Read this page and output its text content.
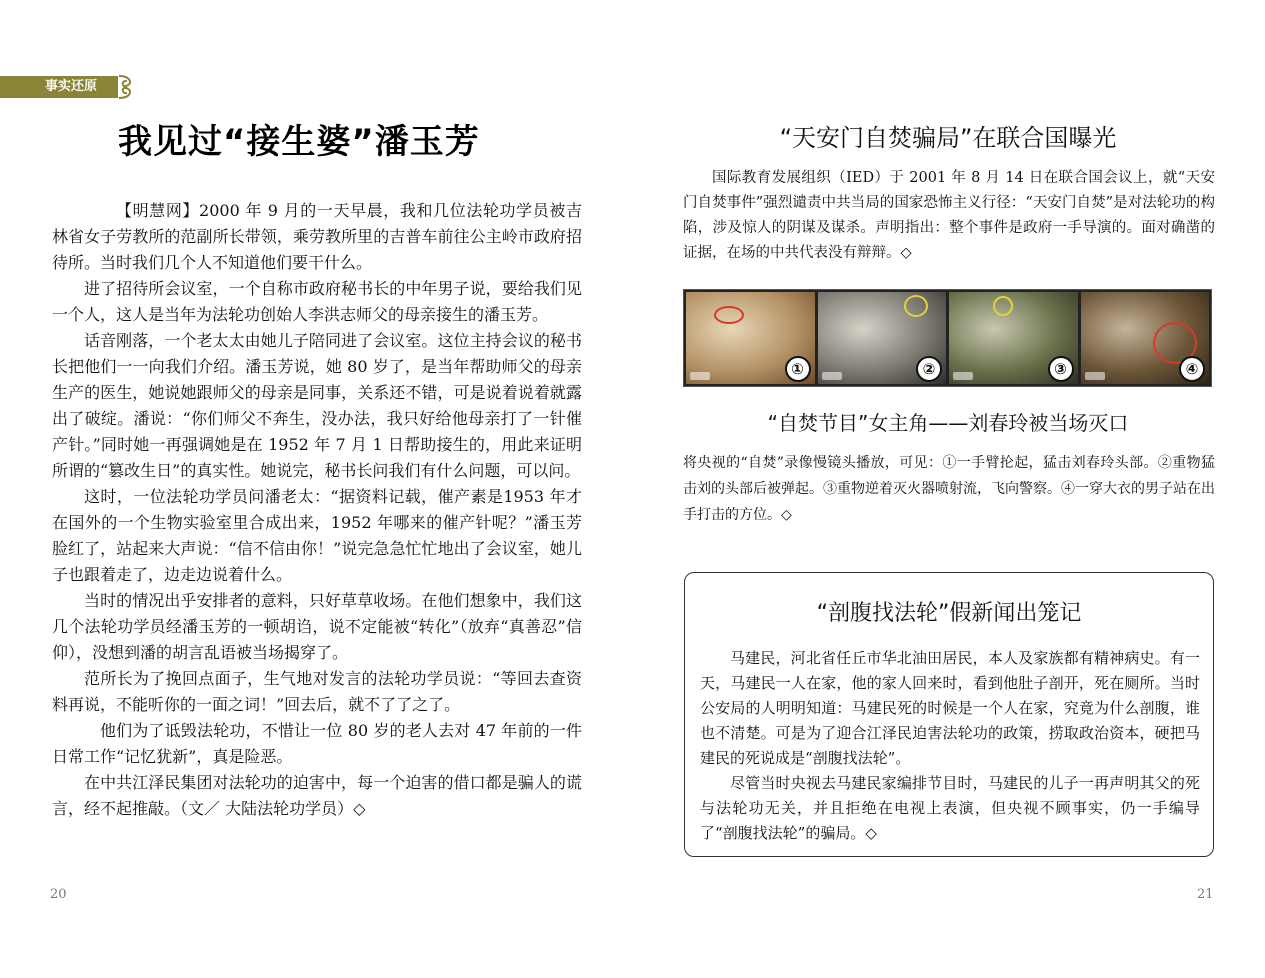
事实还原
我见过“接生婆”潘玉芳

【明慧网】2000 年 9 月的一天早晨，我和几位法轮功学员被吉林省女子劳教所的范副所长带领，乘劳教所里的吉普车前往公主岭市政府招待所。当时我们几个人不知道他们要干什么。

进了招待所会议室，一个自称市政府秘书长的中年男子说，要给我们见一个人，这人是当年为法轮功创始人李洪志师父的母亲接生的潘玉芳。

话音刚落，一个老太太由她儿子陪同进了会议室。这位主持会议的秘书长把他们一一向我们介绍。潘玉芳说，她 80 岁了，是当年帮助师父的母亲生产的医生，她说她跟师父的母亲是同事，关系还不错，可是说着说着就露出了破绽。潘说：“你们师父不奔生，没办法，我只好给他母亲打了一针催产针。”同时她一再强调她是在 1952 年 7 月 1 日帮助接生的，用此来证明所谓的“篡改生日”的真实性。她说完，秘书长问我们有什么问题，可以问。

这时，一位法轮功学员问潘老太：“据资料记载，催产素是1953 年才在国外的一个生物实验室里合成出来，1952 年哪来的催产针呢？”潘玉芳脸红了，站起来大声说：“信不信由你！”说完急急忙忙地出了会议室，她儿子也跟着走了，边走边说着什么。

当时的情况出乎安排者的意料，只好草草收场。在他们想象中，我们这几个法轮功学员经潘玉芳的一顿胡诌，说不定能被“转化”（放弃“真善忍”信仰），没想到潘的胡言乱语被当场揭穿了。

范所长为了挽回点面子，生气地对发言的法轮功学员说：“等回去查资料再说，不能听你的一面之词！”回去后，就不了了之了。

他们为了诋毁法轮功，不惜让一位 80 岁的老人去对 47 年前的一件日常工作“记忆犹新”，真是险恶。

在中共江泽民集团对法轮功的迫害中，每一个迫害的借口都是骗人的谎言，经不起推敲。（文／ 大陆法轮功学员）◇

20
“天安门自焚骗局”在联合国曝光

国际教育发展组织（IED）于 2001 年 8 月 14 日在联合国会议上，就“天安门自焚事件”强烈谴责中共当局的国家恐怖主义行径：“天安门自焚”是对法轮功的构陷，涉及惊人的阴谋及谋杀。声明指出：整个事件是政府一手导演的。面对确凿的证据，在场的中共代表没有辩辩。◇

①	②	③	④
“自焚节目”女主角——刘春玲被当场灭口

将央视的“自焚”录像慢镜头播放，可见：①一手臂抡起，猛击刘春玲头部。②重物猛击刘的头部后被弹起。③重物逆着灭火器喷射流，飞向警察。④一穿大衣的男子站在出手打击的方位。◇

“剖腹找法轮”假新闻出笼记

马建民，河北省任丘市华北油田居民，本人及家族都有精神病史。有一天，马建民一人在家，他的家人回来时，看到他肚子剖开，死在厕所。当时公安局的人明明知道：马建民死的时候是一个人在家，究竟为什么剖腹，谁也不清楚。可是为了迎合江泽民迫害法轮功的政策，捞取政治资本，硬把马建民的死说成是“剖腹找法轮”。

尽管当时央视去马建民家编排节目时，马建民的儿子一再声明其父的死与法轮功无关，并且拒绝在电视上表演，但央视不顾事实，仍一手编导了“剖腹找法轮”的骗局。◇

21
